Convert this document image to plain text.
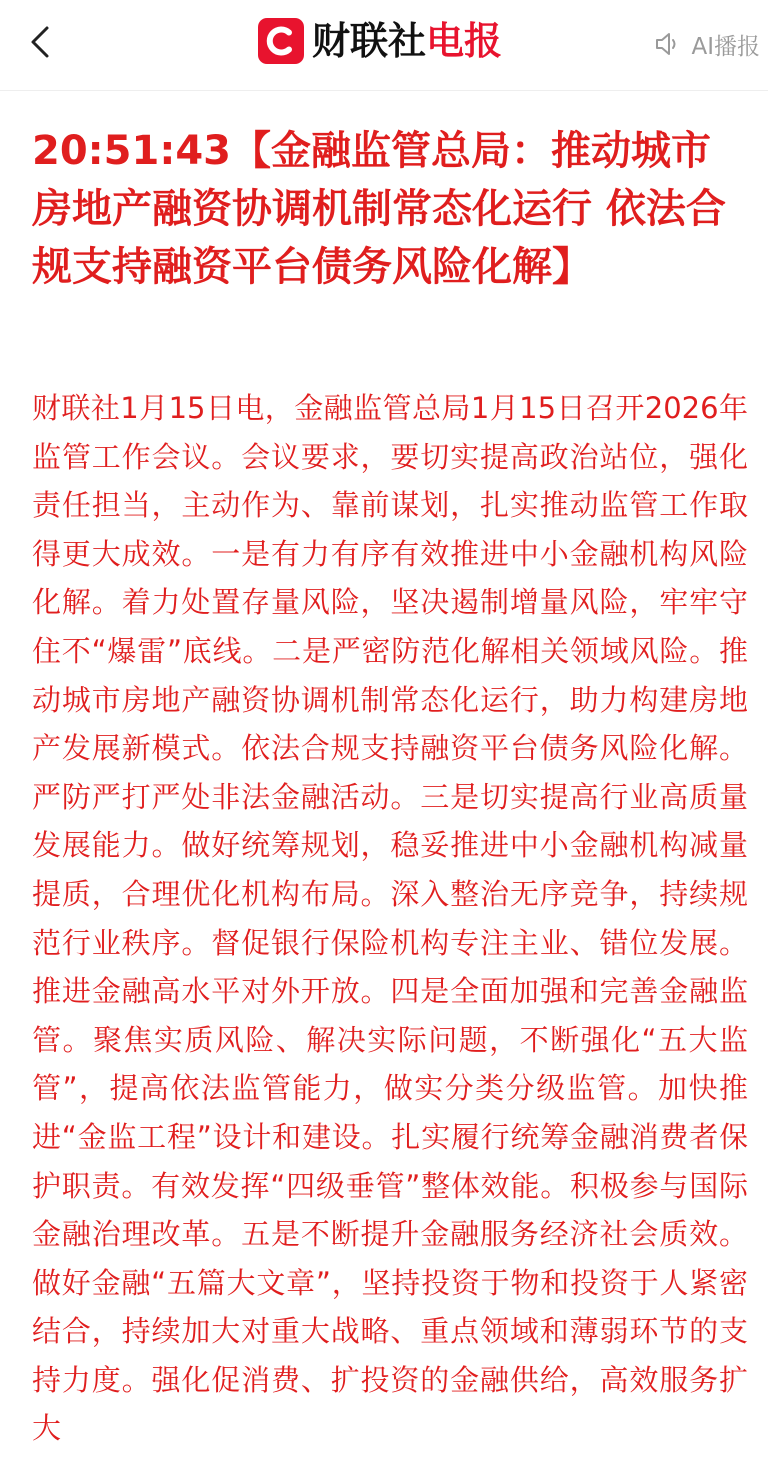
财联社电报	AI播报
20:51:43【金融监管总局：推动城市房地产融资协调机制常态化运行 依法合规支持融资平台债务风险化解】

财联社1月15日电，金融监管总局1月15日召开2026年监管工作会议。会议要求，要切实提高政治站位，强化责任担当，主动作为、靠前谋划，扎实推动监管工作取得更大成效。一是有力有序有效推进中小金融机构风险化解。着力处置存量风险，坚决遏制增量风险，牢牢守住不“爆雷”底线。二是严密防范化解相关领域风险。推动城市房地产融资协调机制常态化运行，助力构建房地产发展新模式。依法合规支持融资平台债务风险化解。严防严打严处非法金融活动。三是切实提高行业高质量发展能力。做好统筹规划，稳妥推进中小金融机构减量提质，合理优化机构布局。深入整治无序竞争，持续规范行业秩序。督促银行保险机构专注主业、错位发展。推进金融高水平对外开放。四是全面加强和完善金融监管。聚焦实质风险、解决实际问题，不断强化“五大监管”，提高依法监管能力，做实分类分级监管。加快推进“金监工程”设计和建设。扎实履行统筹金融消费者保护职责。有效发挥“四级垂管”整体效能。积极参与国际金融治理改革。五是不断提升金融服务经济社会质效。做好金融“五篇大文章”，坚持投资于物和投资于人紧密结合，持续加大对重大战略、重点领域和薄弱环节的支持力度。强化促消费、扩投资的金融供给，高效服务扩大
